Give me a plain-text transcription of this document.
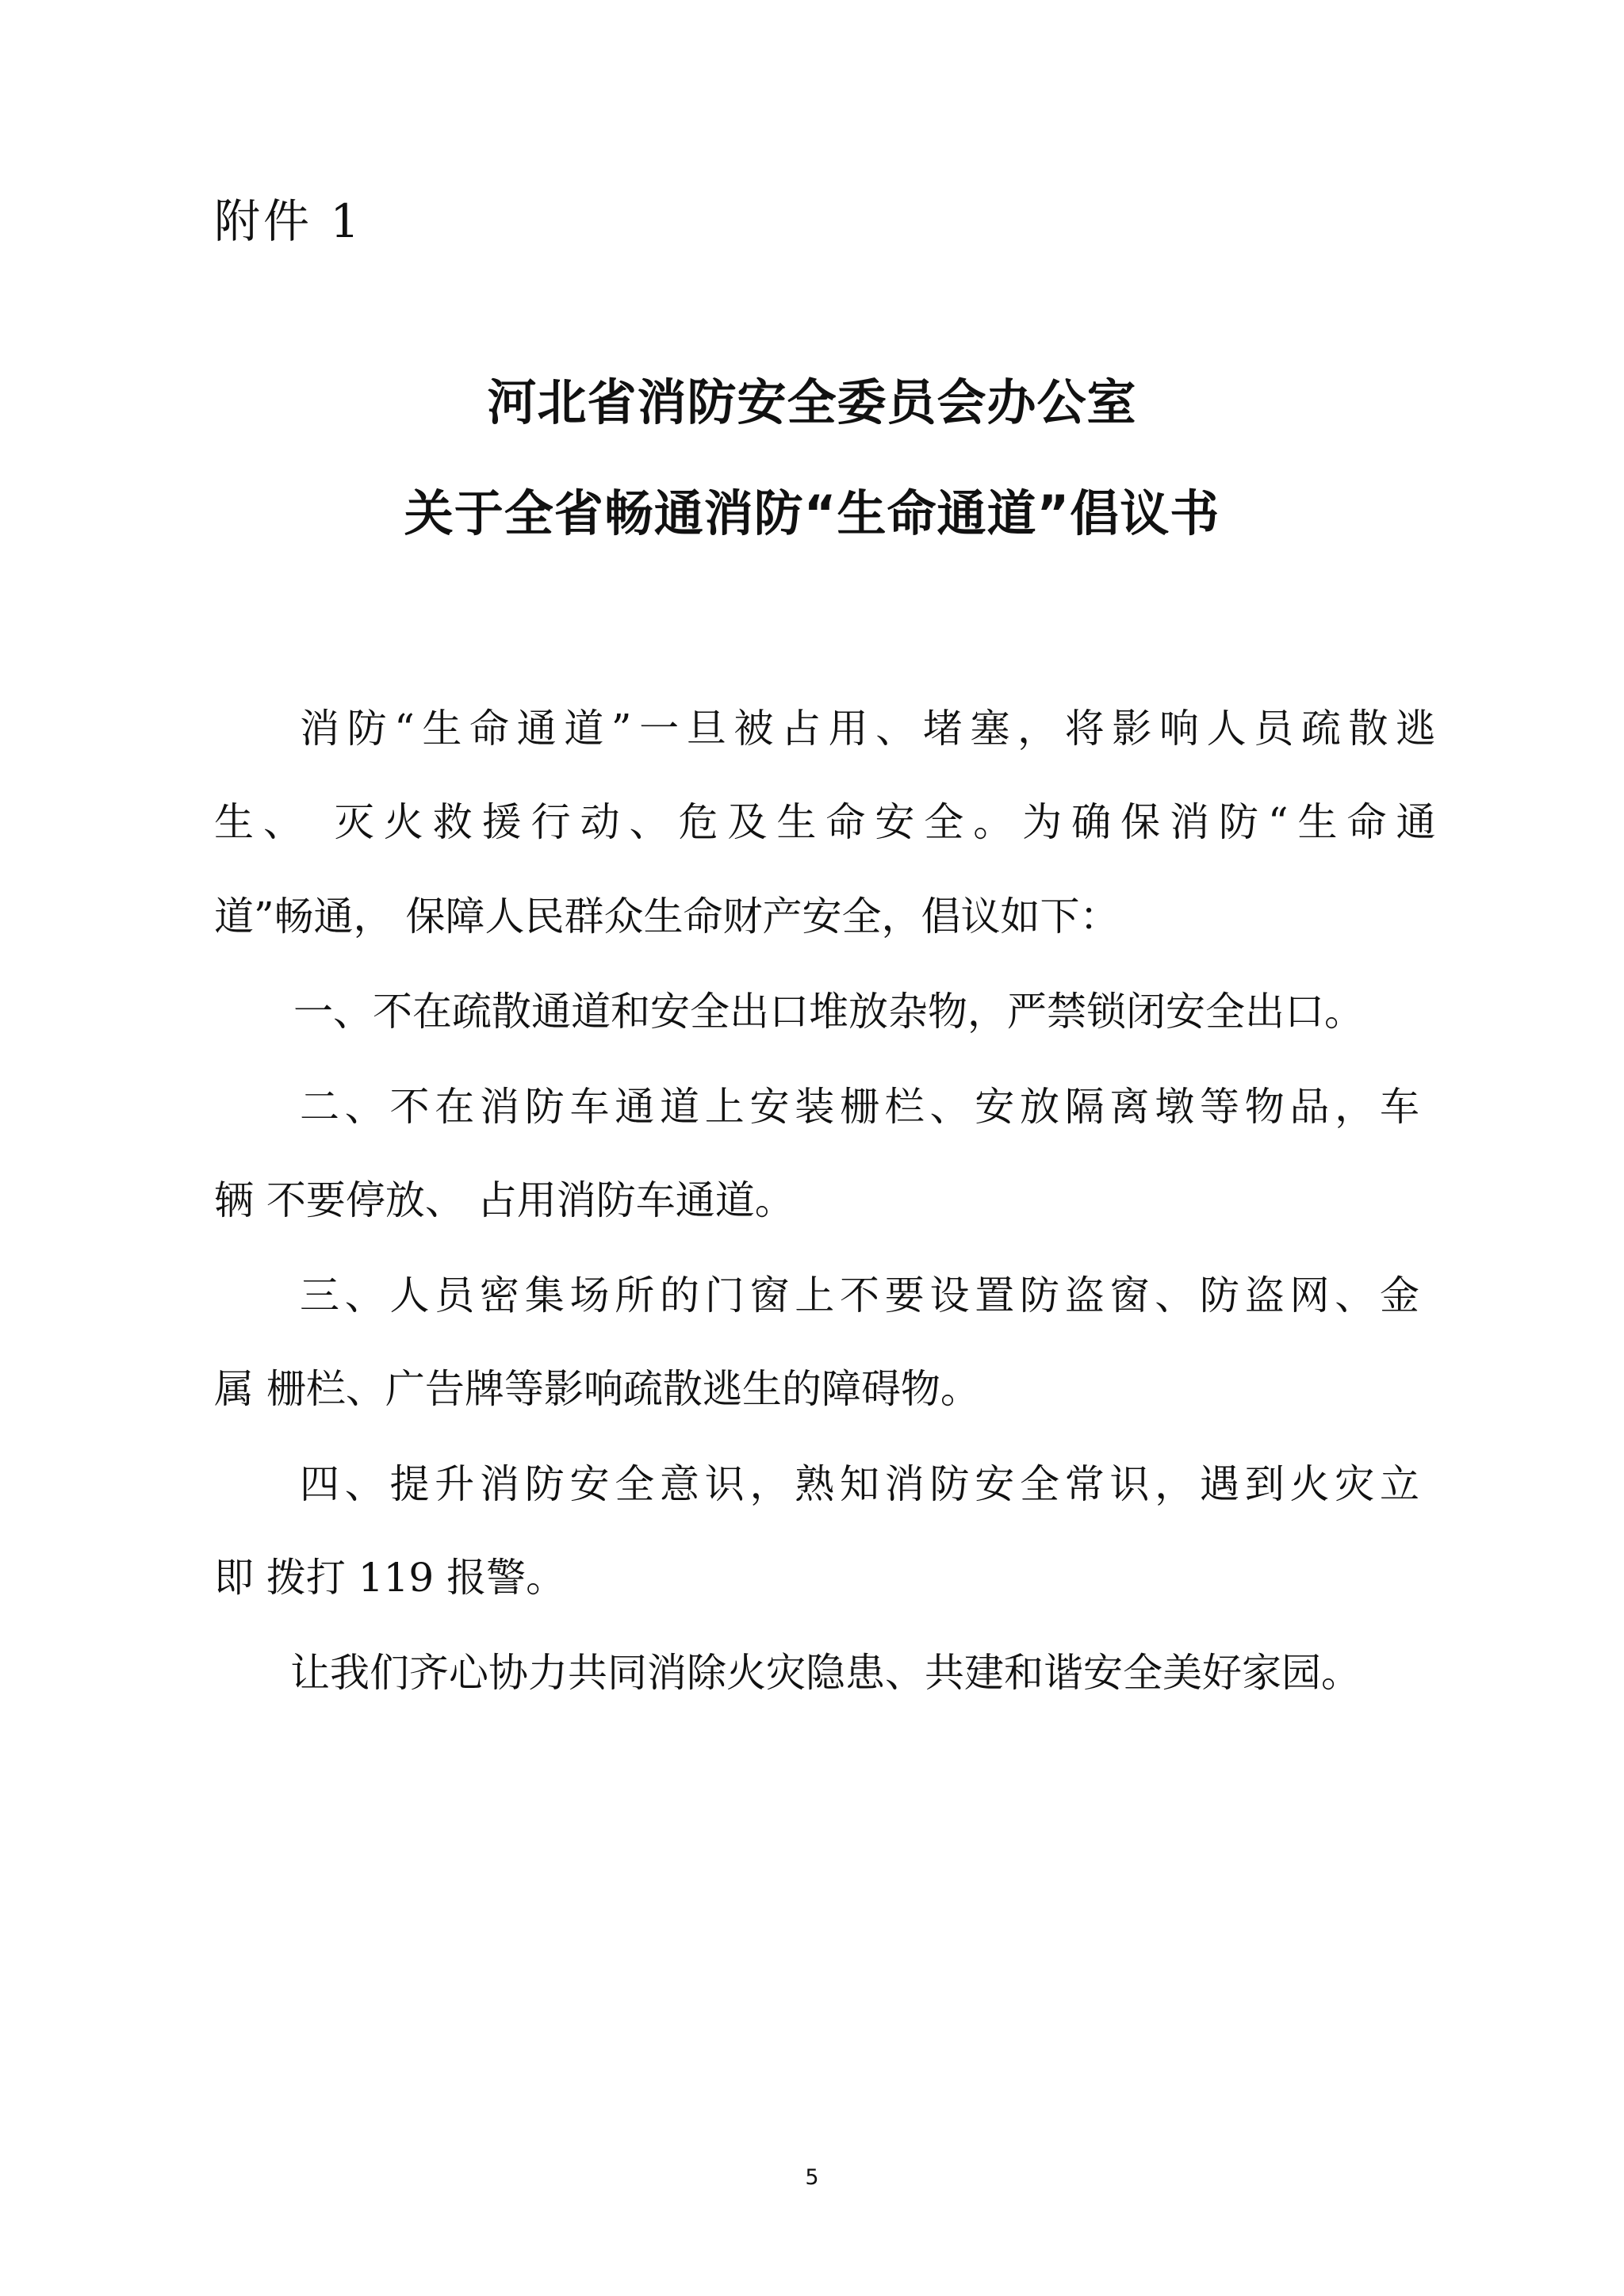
附件 1
河北省消防安全委员会办公室
关于全省畅通消防“生命通道”倡议书
消防“生命通道”一旦被占用、堵塞，将影响人员疏散逃
生、 灭火救援行动、危及生命安全。为确保消防“生命通
道”畅通， 保障人民群众生命财产安全，倡议如下：
一、不在疏散通道和安全出口堆放杂物，严禁锁闭安全出口。
二、不在消防车通道上安装栅栏、安放隔离墩等物品，车
辆 不要停放、 占用消防车通道。
三、人员密集场所的门窗上不要设置防盗窗、防盗网、金
属 栅栏、广告牌等影响疏散逃生的障碍物。
四、提升消防安全意识，熟知消防安全常识，遇到火灾立
即 拨打 119 报警。
让我们齐心协力共同消除火灾隐患、共建和谐安全美好家园。
5
